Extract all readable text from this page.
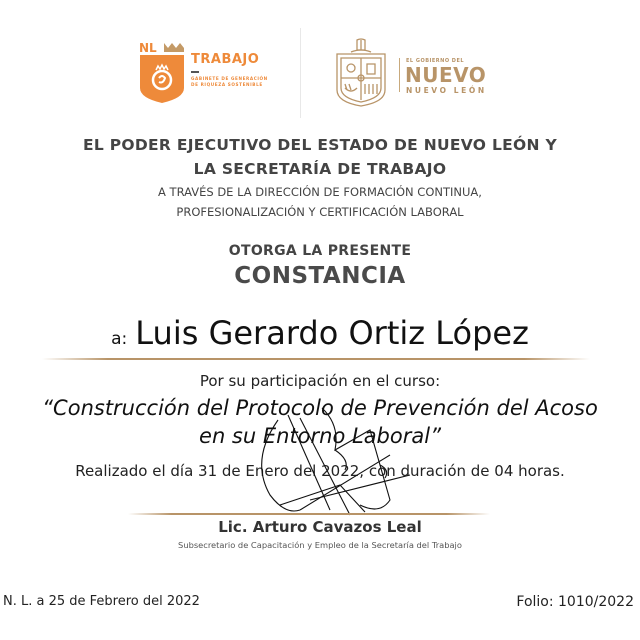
NL
TRABAJO
GABINETE DE GENERACIÓN
DE RIQUEZA SOSTENIBLE
EL GOBIERNO DEL
NUEVO
NUEVO LEÓN
EL PODER EJECUTIVO DEL ESTADO DE NUEVO LEÓN Y
LA SECRETARÍA DE TRABAJO
A TRAVÉS DE LA DIRECCIÓN DE FORMACIÓN CONTINUA,
PROFESIONALIZACIÓN Y CERTIFICACIÓN LABORAL
OTORGA LA PRESENTE
CONSTANCIA
a: Luis Gerardo Ortiz López
Por su participación en el curso:
“Construcción del Protocolo de Prevención del Acoso
en su Entorno Laboral”
Realizado el día 31 de Enero del 2022, con duración de 04 horas.
Lic. Arturo Cavazos Leal
Subsecretario de Capacitación y Empleo de la Secretaría del Trabajo
N. L. a 25 de Febrero del 2022	Folio: 1010/2022
